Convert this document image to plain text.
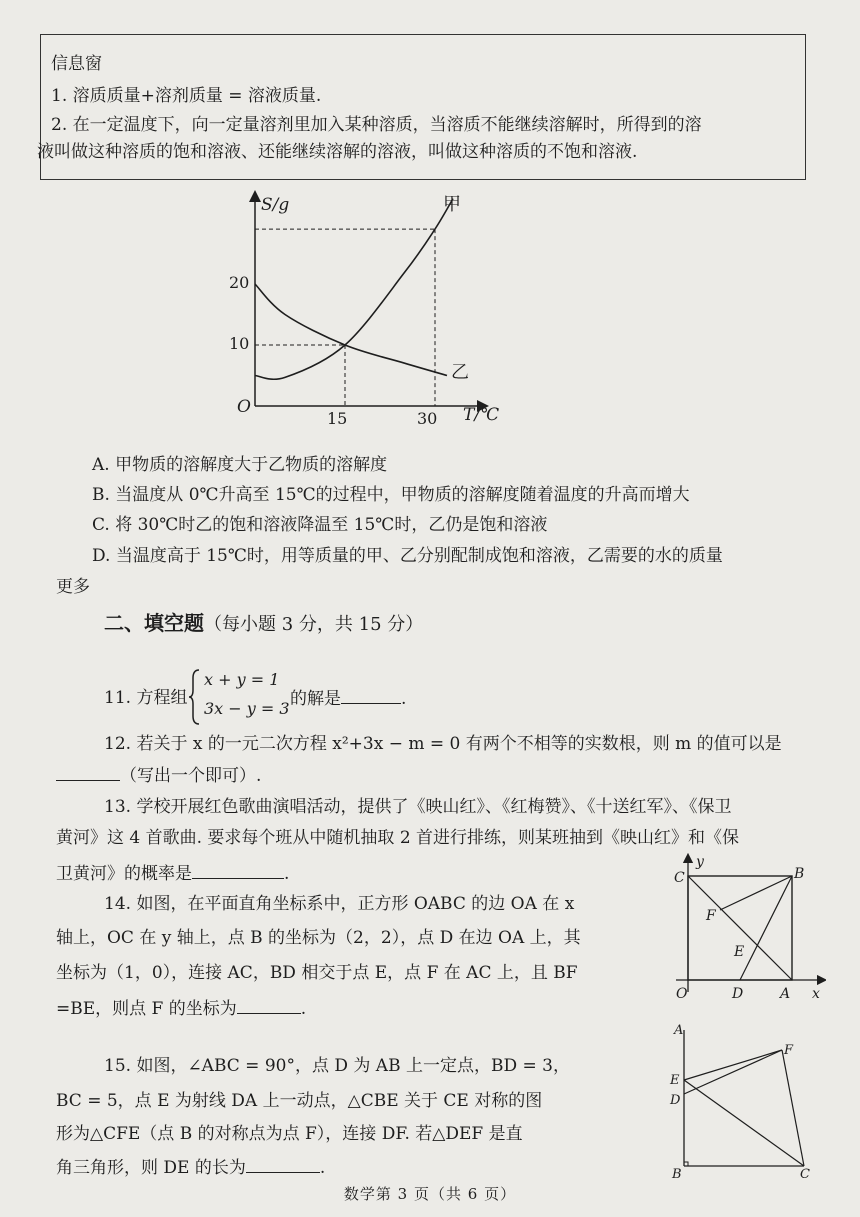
信息窗
1. 溶质质量+溶剂质量 = 溶液质量.
2. 在一定温度下，向一定量溶剂里加入某种溶质，当溶质不能继续溶解时，所得到的溶
液叫做这种溶质的饱和溶液、还能继续溶解的溶液，叫做这种溶质的不饱和溶液.
S/g
T/℃
O
20
10
15	30
甲
乙
A. 甲物质的溶解度大于乙物质的溶解度
B. 当温度从 0℃升高至 15℃的过程中，甲物质的溶解度随着温度的升高而增大
C. 将 30℃时乙的饱和溶液降温至 15℃时，乙仍是饱和溶液
D. 当温度高于 15℃时，用等质量的甲、乙分别配制成饱和溶液，乙需要的水的质量
更多
二、填空题（每小题 3 分，共 15 分）
11. 方程组
x + y = 1
3x − y = 3 的解是	.
12. 若关于 x 的一元二次方程 x²+3x − m = 0 有两个不相等的实数根，则 m 的值可以是
（写出一个即可）.
13. 学校开展红色歌曲演唱活动，提供了《映山红》、《红梅赞》、《十送红军》、《保卫
黄河》这 4 首歌曲. 要求每个班从中随机抽取 2 首进行排练，则某班抽到《映山红》和《保
卫黄河》的概率是	.
14. 如图，在平面直角坐标系中，正方形 OABC 的边 OA 在 x
轴上，OC 在 y 轴上，点 B 的坐标为（2，2），点 D 在边 OA 上，其
坐标为（1，0），连接 AC，BD 相交于点 E，点 F 在 AC 上，且 BF
=BE，则点 F 的坐标为	.
y
x
C	B
F
E
O	D	A
15. 如图，∠ABC = 90°，点 D 为 AB 上一定点，BD = 3，
BC = 5，点 E 为射线 DA 上一动点，△CBE 关于 CE 对称的图
形为△CFE（点 B 的对称点为点 F），连接 DF. 若△DEF 是直
角三角形，则 DE 的长为	.
A
F
E
D
B	C
数学第 3 页（共 6 页）
